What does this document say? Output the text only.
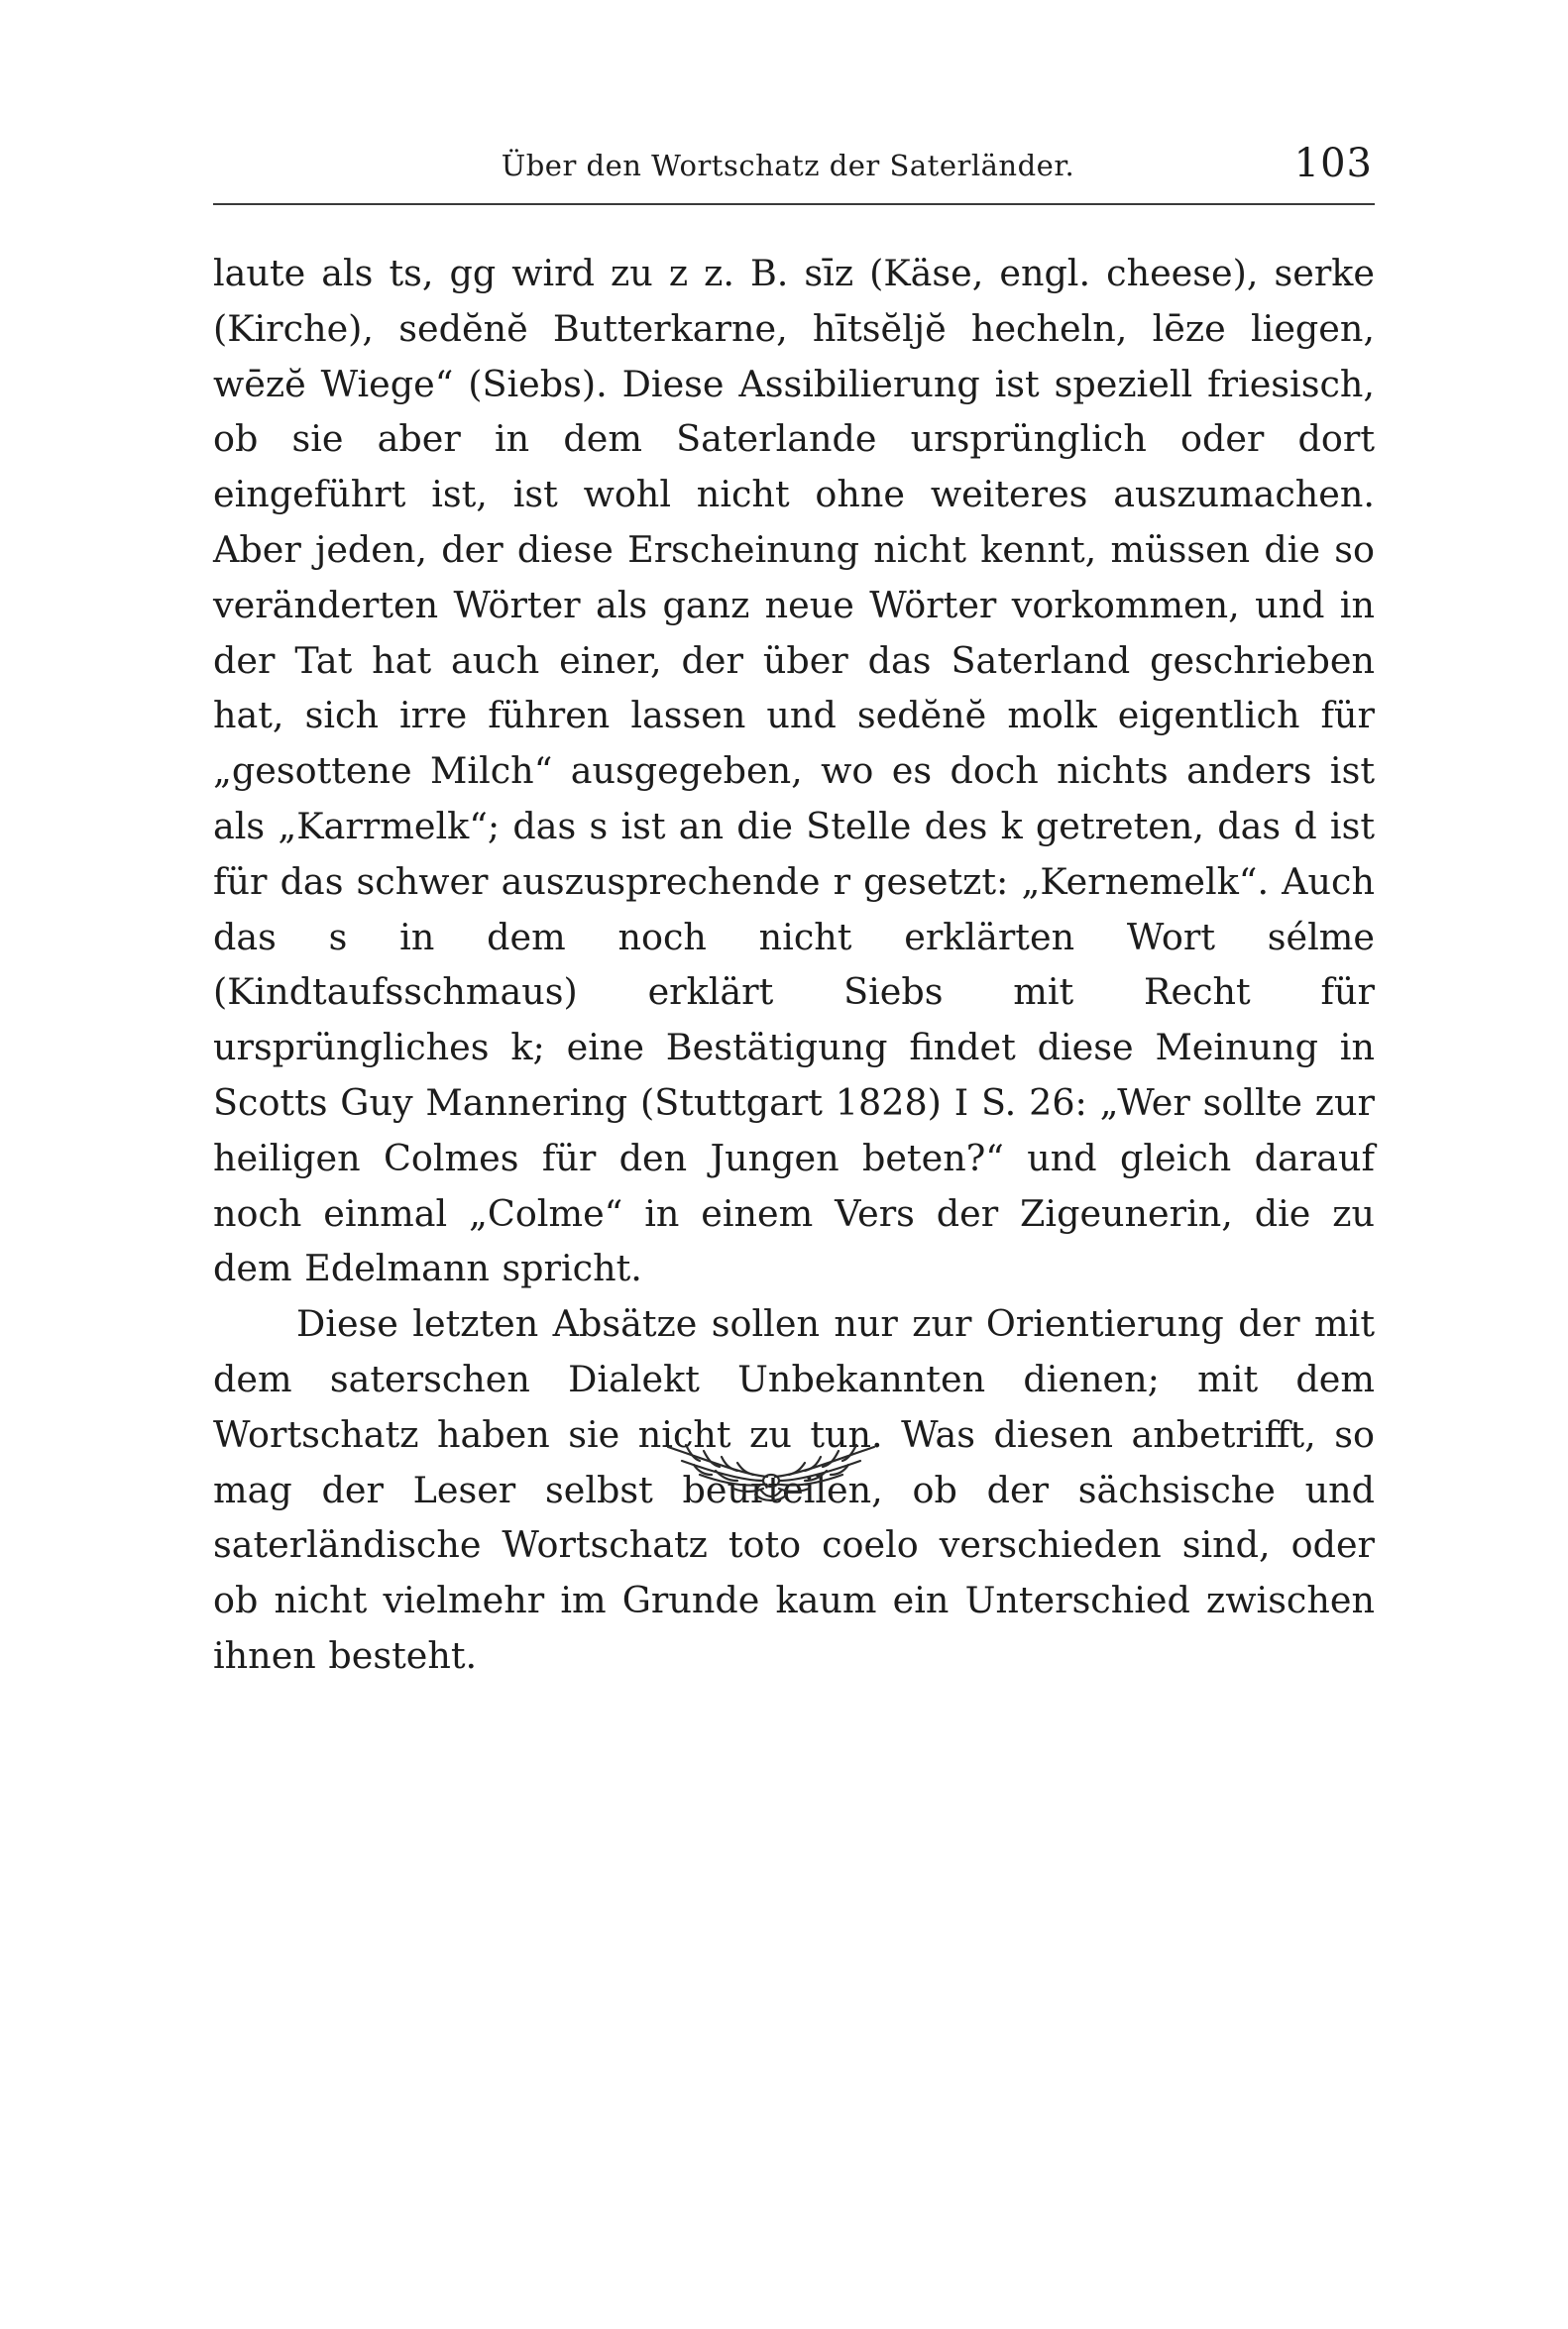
Über den Wortschatz der Saterländer.	103

laute als ts, gg wird zu z z. B. sīz (Käse, engl. cheese), serke (Kirche), sedĕnĕ Butterkarne, hītsĕljĕ hecheln, lēze liegen, wēzĕ Wiege“ (Siebs). Diese Assibilierung ist speziell friesisch, ob sie aber in dem Saterlande ursprünglich oder dort eingeführt ist, ist wohl nicht ohne weiteres auszumachen. Aber jeden, der diese Erscheinung nicht kennt, müssen die so veränderten Wörter als ganz neue Wörter vorkommen, und in der Tat hat auch einer, der über das Saterland geschrieben hat, sich irre führen lassen und sedĕnĕ molk eigentlich für „gesottene Milch“ ausgegeben, wo es doch nichts anders ist als „Karrmelk“; das s ist an die Stelle des k getreten, das d ist für das schwer auszusprechende r gesetzt: „Kernemelk“. Auch das s in dem noch nicht erklärten Wort sélme (Kindtaufsschmaus) erklärt Siebs mit Recht für ursprüngliches k; eine Bestätigung findet diese Meinung in Scotts Guy Mannering (Stuttgart 1828) I S. 26: „Wer sollte zur heiligen Colmes für den Jungen beten?“ und gleich darauf noch einmal „Colme“ in einem Vers der Zigeunerin, die zu dem Edelmann spricht.

Diese letzten Absätze sollen nur zur Orientierung der mit dem saterschen Dialekt Unbekannten dienen; mit dem Wortschatz haben sie nicht zu tun. Was diesen anbetrifft, so mag der Leser selbst beurteilen, ob der sächsische und saterländische Wortschatz toto coelo verschieden sind, oder ob nicht vielmehr im Grunde kaum ein Unterschied zwischen ihnen besteht.
